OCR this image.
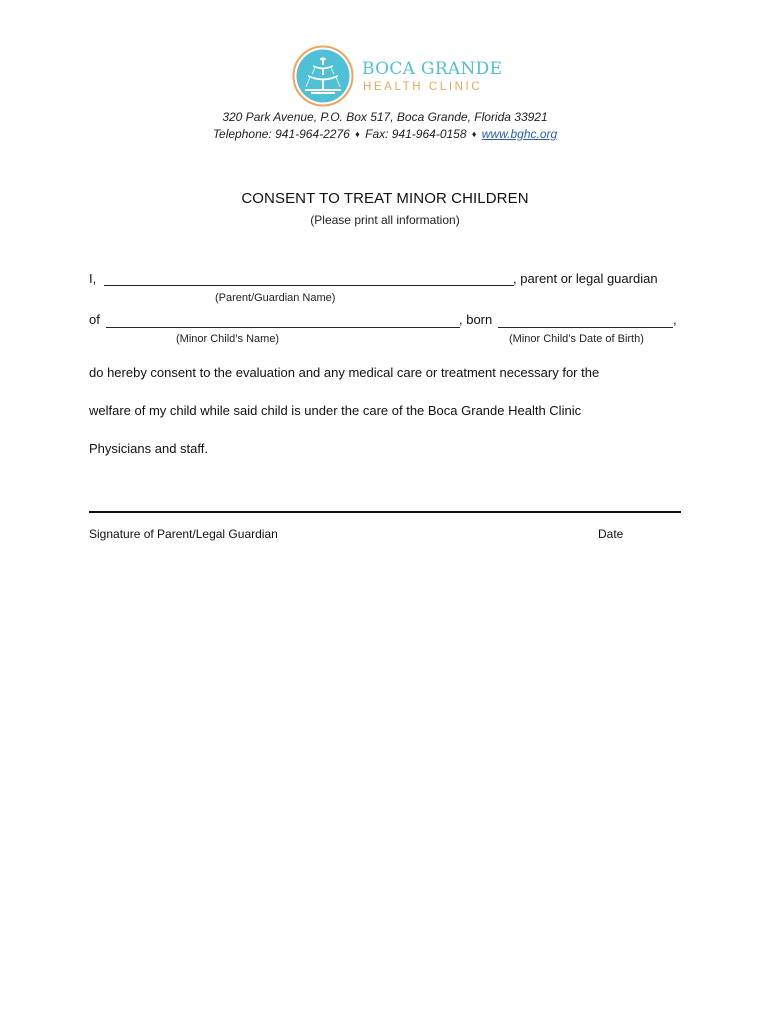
BOCA GRANDE
HEALTH CLINIC
320 Park Avenue, P.O. Box 517, Boca Grande, Florida 33921
Telephone: 941-964-2276 ♦ Fax: 941-964-0158 ♦ www.bghc.org
CONSENT TO TREAT MINOR CHILDREN
(Please print all information)
I,	, parent or legal guardian
(Parent/Guardian Name)
of	, born	,
(Minor Child’s Name)	(Minor Child’s Date of Birth)
do hereby consent to the evaluation and any medical care or treatment necessary for the
welfare of my child while said child is under the care of the Boca Grande Health Clinic
Physicians and staff.
Signature of Parent/Legal Guardian	Date
